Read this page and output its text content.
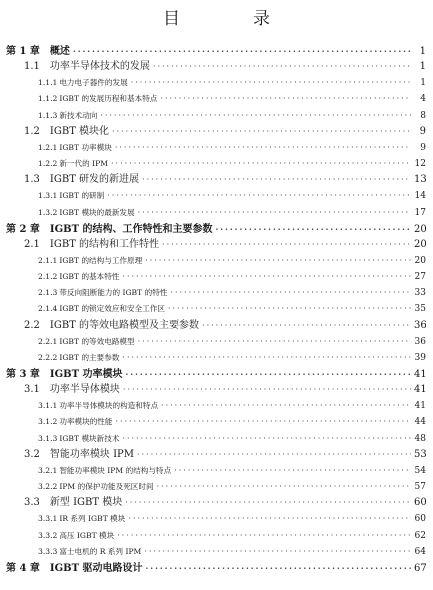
目　录
第 1 章 概述 ·····	1
1.1 功率半导体技术的发展 ·····	1
1.1.1 电力电子器件的发展 ·····	1
1.1.2 IGBT 的发展历程和基本特点 ·····	4
1.1.3 新技术动向 ·····	8
1.2 IGBT 模块化 ·····	9
1.2.1 IGBT 功率模块 ·····	9
1.2.2 新一代的 IPM ·····	12
1.3 IGBT 研发的新进展 ·····	13
1.3.1 IGBT 的研制 ·····	14
1.3.2 IGBT 模块的最新发展 ·····	17
第 2 章 IGBT 的结构、工作特性和主要参数 ·····	20
2.1 IGBT 的结构和工作特性 ·····	20
2.1.1 IGBT 的结构与工作原理 ·····	20
2.1.2 IGBT 的基本特性 ·····	27
2.1.3 带反向阻断能力的 IGBT 的特性 ·····	33
2.1.4 IGBT 的锁定效应和安全工作区 ·····	35
2.2 IGBT 的等效电路模型及主要参数 ·····	36
2.2.1 IGBT 的等效电路模型 ·····	36
2.2.2 IGBT 的主要参数 ·····	39
第 3 章 IGBT 功率模块 ·····	41
3.1 功率半导体模块 ·····	41
3.1.1 功率半导体模块的构造和特点 ·····	41
3.1.2 功率模块的性能 ·····	44
3.1.3 IGBT 模块新技术 ·····	48
3.2 智能功率模块 IPM ·····	53
3.2.1 智能功率模块 IPM 的结构与特点 ·····	54
3.2.2 IPM 的保护功能及死区时间 ·····	57
3.3 新型 IGBT 模块 ·····	60
3.3.1 IR 系列 IGBT 模块 ·····	60
3.3.2 高压 IGBT 模块 ·····	62
3.3.3 富士电机的 R 系列 IPM ·····	64
第 4 章 IGBT 驱动电路设计 ·····	67
